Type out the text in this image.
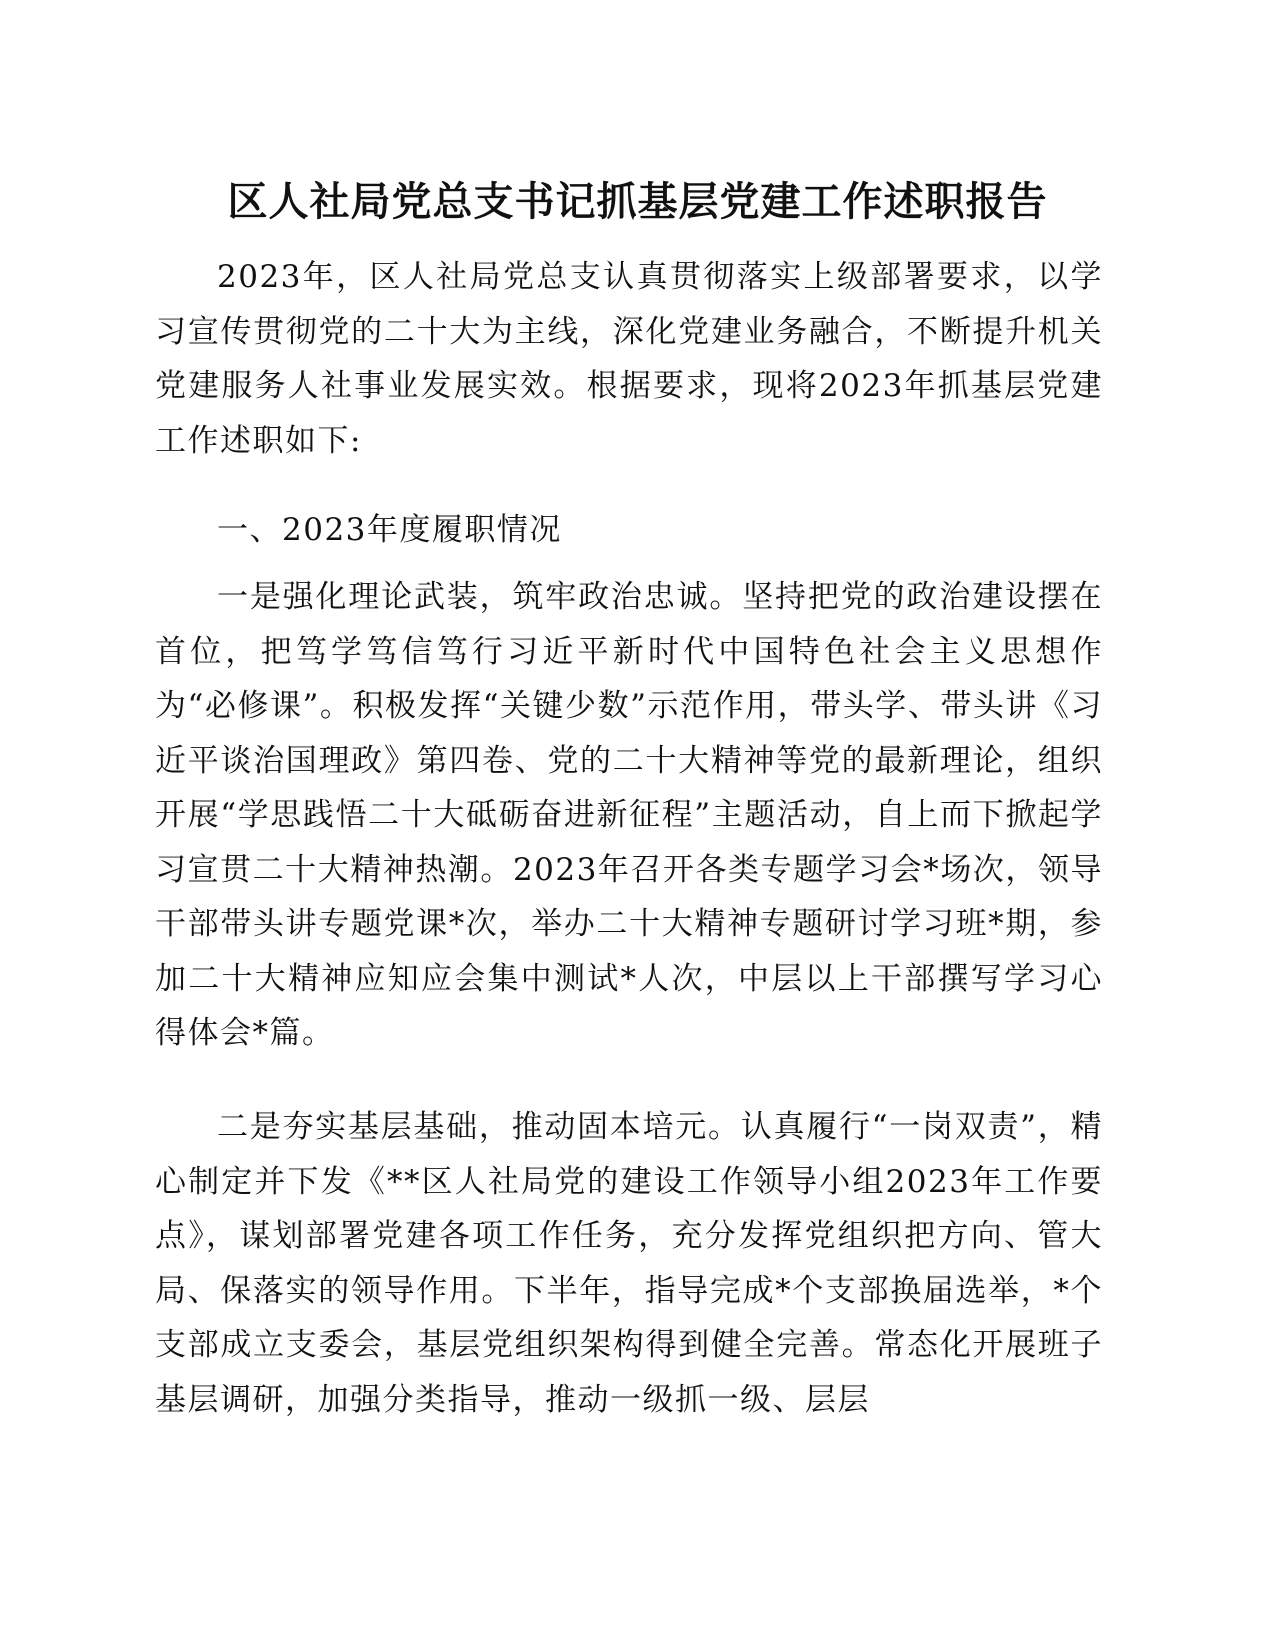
区人社局党总支书记抓基层党建工作述职报告

2023年，区人社局党总支认真贯彻落实上级部署要求，以学习宣传贯彻党的二十大为主线，深化党建业务融合，不断提升机关党建服务人社事业发展实效。根据要求，现将2023年抓基层党建工作述职如下:

一、2023年度履职情况

一是强化理论武装，筑牢政治忠诚。坚持把党的政治建设摆在首位，把笃学笃信笃行习近平新时代中国特色社会主义思想作为“必修课”。积极发挥“关键少数”示范作用，带头学、带头讲《习近平谈治国理政》第四卷、党的二十大精神等党的最新理论，组织开展“学思践悟二十大砥砺奋进新征程”主题活动，自上而下掀起学习宣贯二十大精神热潮。2023年召开各类专题学习会*场次，领导干部带头讲专题党课*次，举办二十大精神专题研讨学习班*期，参加二十大精神应知应会集中测试*人次，中层以上干部撰写学习心得体会*篇。

二是夯实基层基础，推动固本培元。认真履行“一岗双责”，精心制定并下发《**区人社局党的建设工作领导小组2023年工作要点》，谋划部署党建各项工作任务，充分发挥党组织把方向、管大局、保落实的领导作用。下半年，指导完成*个支部换届选举，*个支部成立支委会，基层党组织架构得到健全完善。常态化开展班子基层调研，加强分类指导，推动一级抓一级、层层
